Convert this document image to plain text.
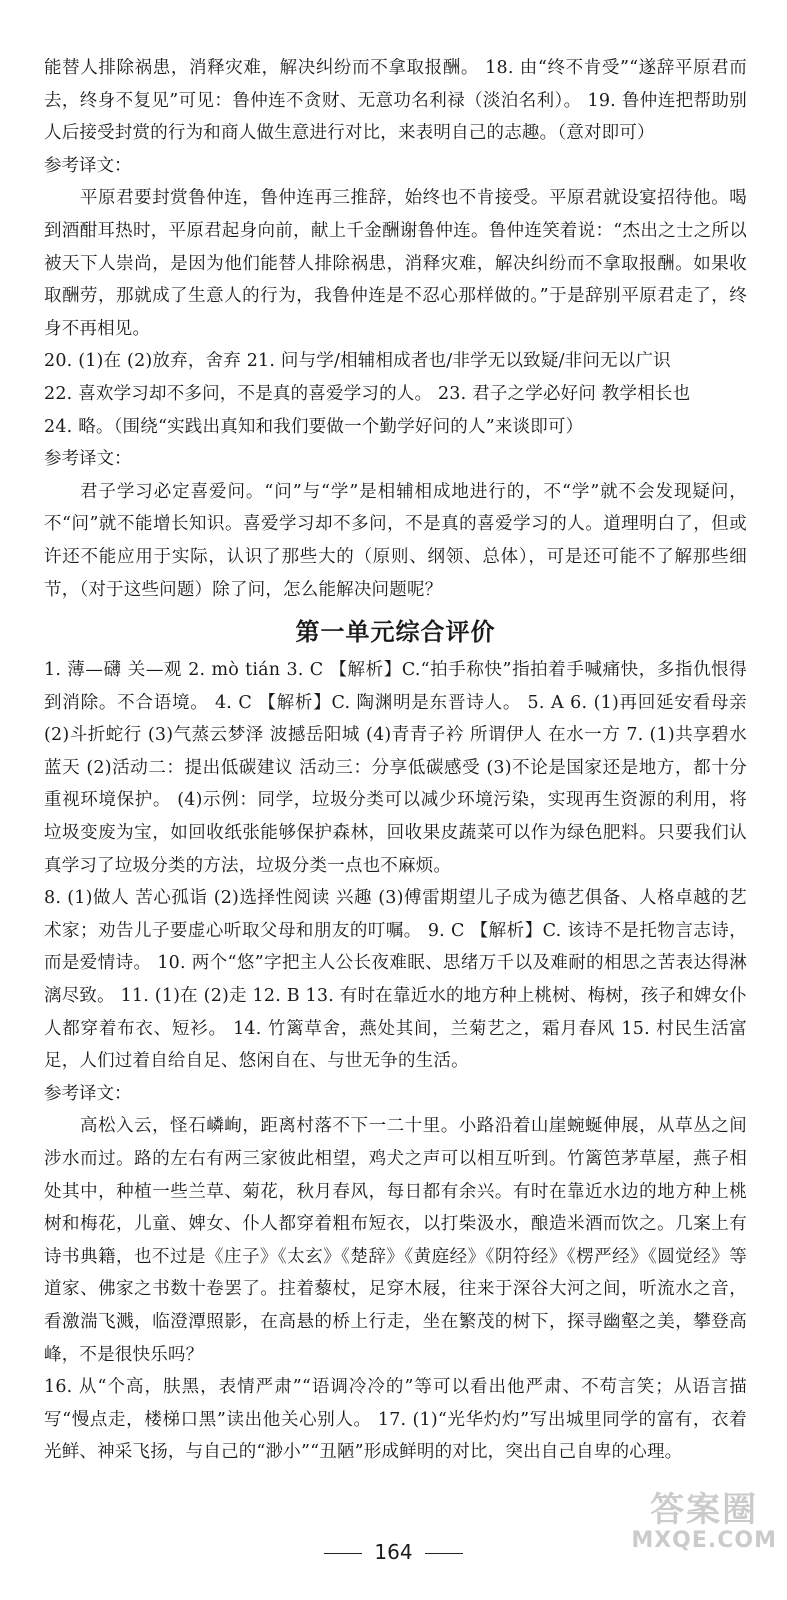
能替人排除祸患，消释灾难，解决纠纷而不拿取报酬。 18. 由“终不肯受”“遂辞平原君而去，终身不复见”可见：鲁仲连不贪财、无意功名利禄（淡泊名利）。 19. 鲁仲连把帮助别人后接受封赏的行为和商人做生意进行对比，来表明自己的志趣。（意对即可）

参考译文：

平原君要封赏鲁仲连，鲁仲连再三推辞，始终也不肯接受。平原君就设宴招待他。喝到酒酣耳热时，平原君起身向前，献上千金酬谢鲁仲连。鲁仲连笑着说：“杰出之士之所以被天下人崇尚，是因为他们能替人排除祸患，消释灾难，解决纠纷而不拿取报酬。如果收取酬劳，那就成了生意人的行为，我鲁仲连是不忍心那样做的。”于是辞别平原君走了，终身不再相见。

20. (1)在 (2)放弃，舍弃 21. 问与学/相辅相成者也/非学无以致疑/非问无以广识

22. 喜欢学习却不多问，不是真的喜爱学习的人。 23. 君子之学必好问 教学相长也

24. 略。（围绕“实践出真知和我们要做一个勤学好问的人”来谈即可）

参考译文：

君子学习必定喜爱问。“问”与“学”是相辅相成地进行的，不“学”就不会发现疑问，不“问”就不能增长知识。喜爱学习却不多问，不是真的喜爱学习的人。道理明白了，但或许还不能应用于实际，认识了那些大的（原则、纲领、总体），可是还可能不了解那些细节，（对于这些问题）除了问，怎么能解决问题呢？

第一单元综合评价

1. 薄—礴 关—观 2. mò tián 3. C 【解析】C.“拍手称快”指拍着手喊痛快，多指仇恨得到消除。不合语境。 4. C 【解析】C. 陶渊明是东晋诗人。 5. A 6. (1)再回延安看母亲 (2)斗折蛇行 (3)气蒸云梦泽 波撼岳阳城 (4)青青子衿 所谓伊人 在水一方 7. (1)共享碧水蓝天 (2)活动二：提出低碳建议 活动三：分享低碳感受 (3)不论是国家还是地方，都十分重视环境保护。 (4)示例：同学，垃圾分类可以减少环境污染，实现再生资源的利用，将垃圾变废为宝，如回收纸张能够保护森林，回收果皮蔬菜可以作为绿色肥料。只要我们认真学习了垃圾分类的方法，垃圾分类一点也不麻烦。

8. (1)做人 苦心孤诣 (2)选择性阅读 兴趣 (3)傅雷期望儿子成为德艺俱备、人格卓越的艺术家；劝告儿子要虚心听取父母和朋友的叮嘱。 9. C 【解析】C. 该诗不是托物言志诗，而是爱情诗。 10. 两个“悠”字把主人公长夜难眠、思绪万千以及难耐的相思之苦表达得淋漓尽致。 11. (1)在 (2)走 12. B 13. 有时在靠近水的地方种上桃树、梅树，孩子和婢女仆人都穿着布衣、短衫。 14. 竹篱草舍，燕处其间，兰菊艺之，霜月春风 15. 村民生活富足，人们过着自给自足、悠闲自在、与世无争的生活。

参考译文：

高松入云，怪石嶙峋，距离村落不下一二十里。小路沿着山崖蜿蜒伸展，从草丛之间涉水而过。路的左右有两三家彼此相望，鸡犬之声可以相互听到。竹篱笆茅草屋，燕子相处其中，种植一些兰草、菊花，秋月春风，每日都有余兴。有时在靠近水边的地方种上桃树和梅花，儿童、婢女、仆人都穿着粗布短衣，以打柴汲水，酿造米酒而饮之。几案上有诗书典籍，也不过是《庄子》《太玄》《楚辞》《黄庭经》《阴符经》《楞严经》《圆觉经》等道家、佛家之书数十卷罢了。拄着藜杖，足穿木屐，往来于深谷大河之间，听流水之音，看激湍飞溅，临澄潭照影，在高悬的桥上行走，坐在繁茂的树下，探寻幽壑之美，攀登高峰，不是很快乐吗？

16. 从“个高，肤黑，表情严肃”“语调冷冷的”等可以看出他严肃、不苟言笑；从语言描写“慢点走，楼梯口黑”读出他关心别人。 17. (1)“光华灼灼”写出城里同学的富有，衣着光鲜、神采飞扬，与自己的“渺小”“丑陋”形成鲜明的对比，突出自己自卑的心理。

164
答案圈
MXQE.COM
